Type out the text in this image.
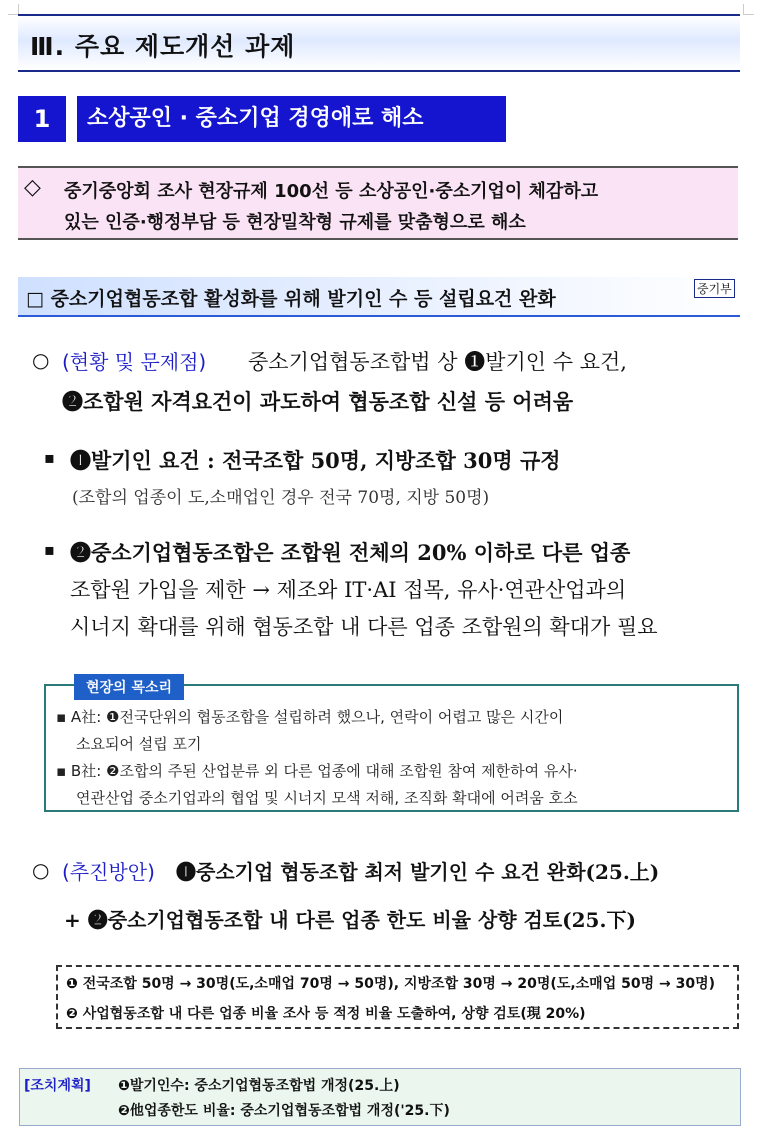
Ⅲ. 주요 제도개선 과제
1	소상공인 · 중소기업 경영애로 해소
◇ 중기중앙회 조사 현장규제 100선 등 소상공인·중소기업이 체감하고
있는 인증·행정부담 등 현장밀착형 규제를 맞춤형으로 해소
□ 중소기업협동조합 활성화를 위해 발기인 수 등 설립요건 완화	중기부
○ (현황 및 문제점) 중소기업협동조합법 상 ❶발기인 수 요건,
❷조합원 자격요건이 과도하여 협동조합 신설 등 어려움
▪ ❶발기인 요건 : 전국조합 50명, 지방조합 30명 규정
(조합의 업종이 도,소매업인 경우 전국 70명, 지방 50명)
▪ ❷중소기업협동조합은 조합원 전체의 20% 이하로 다른 업종
조합원 가입을 제한 → 제조와 IT·AI 접목, 유사·연관산업과의
시너지 확대를 위해 협동조합 내 다른 업종 조합원의 확대가 필요
▪ A社: ❶전국단위의 협동조합을 설립하려 했으나, 연락이 어렵고 많은 시간이
소요되어 설립 포기
▪ B社: ❷조합의 주된 산업분류 외 다른 업종에 대해 조합원 참여 제한하여 유사·
연관산업 중소기업과의 협업 및 시너지 모색 저해, 조직화 확대에 어려움 호소
현장의 목소리
○ (추진방안) ❶중소기업 협동조합 최저 발기인 수 요건 완화(25.上)
+ ❷중소기업협동조합 내 다른 업종 한도 비율 상향 검토(25.下)
❶ 전국조합 50명 → 30명(도,소매업 70명 → 50명), 지방조합 30명 → 20명(도,소매업 50명 → 30명)
❷ 사업협동조합 내 다른 업종 비율 조사 등 적정 비율 도출하여, 상향 검토(現 20%)
[조치계획] ❶발기인수: 중소기업협동조합법 개정(25.上)
❷他업종한도 비율: 중소기업협동조합법 개정('25.下)
